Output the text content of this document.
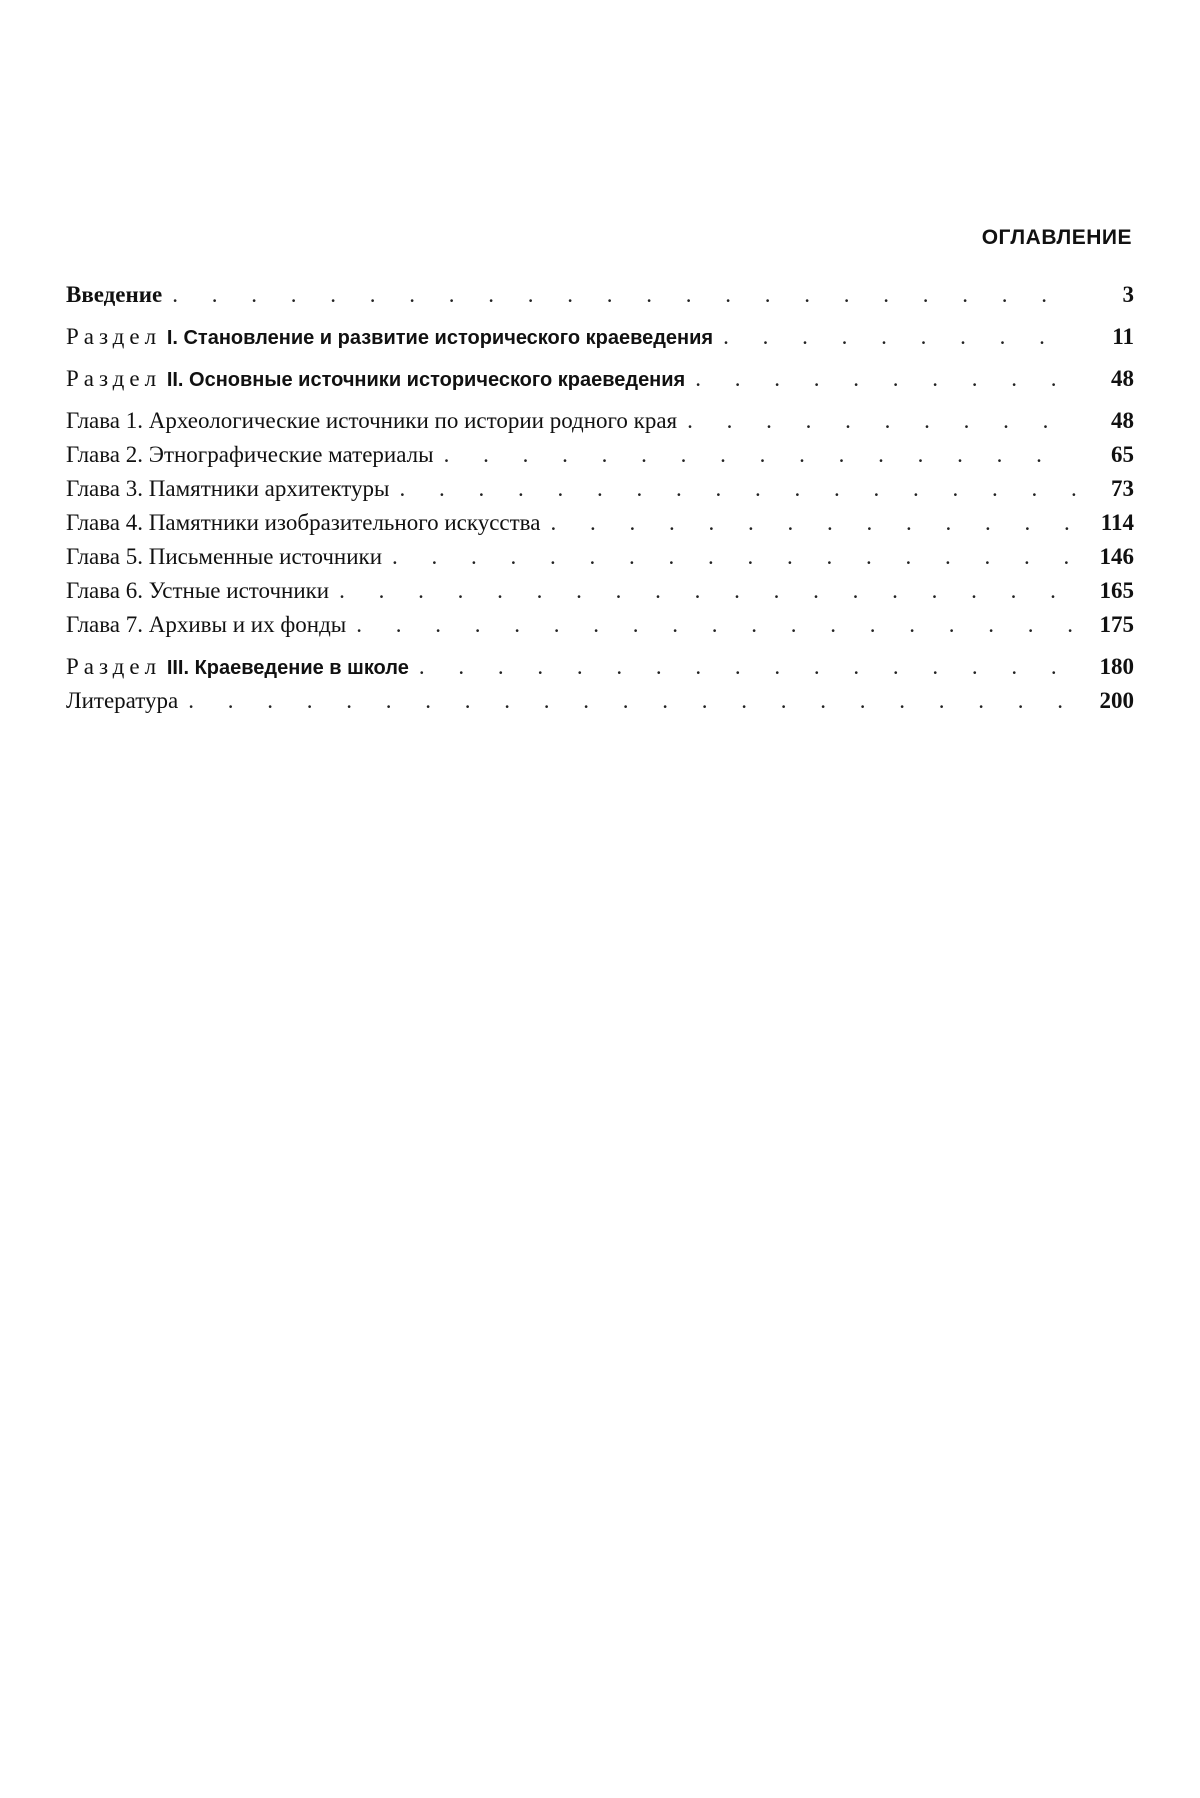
ОГЛАВЛЕНИЕ
Введение . . .	3
Раздел I. Становление и развитие исторического краеведения . . .	11
Раздел II. Основные источники исторического краеведения . . .	48
Глава 1. Археологические источники по истории родного края . . .	48
Глава 2. Этнографические материалы . . .	65
Глава 3. Памятники архитектуры . . .	73
Глава 4. Памятники изобразительного искусства . . .	114
Глава 5. Письменные источники . . .	146
Глава 6. Устные источники . . .	165
Глава 7. Архивы и их фонды . . .	175
Раздел III. Краеведение в школе . . .	180
Литература . . .	200
